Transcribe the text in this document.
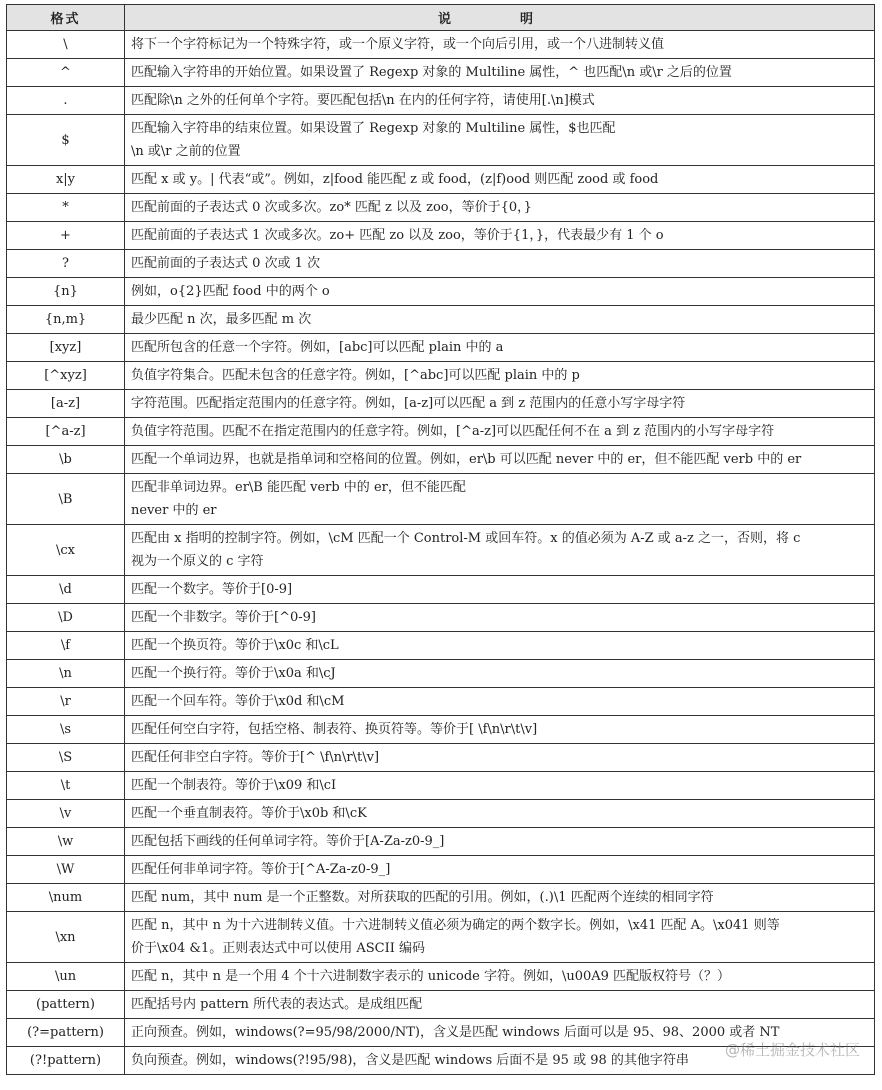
格式	说　明
\	将下一个字符标记为一个特殊字符，或一个原义字符，或一个向后引用，或一个八进制转义值

^	匹配输入字符串的开始位置。如果设置了 Regexp 对象的 Multiline 属性，^ 也匹配\n 或\r 之后的位置

.	匹配除\n 之外的任何单个字符。要匹配包括\n 在内的任何字符，请使用[.\n]模式

$	匹配输入字符串的结束位置。如果设置了 Regexp 对象的 Multiline 属性，$也匹配
\n 或\r 之前的位置

x|y	匹配 x 或 y。| 代表“或”。例如，z|food 能匹配 z 或 food，(z|f)ood 则匹配 zood 或 food

*	匹配前面的子表达式 0 次或多次。zo* 匹配 z 以及 zoo，等价于{0，}

+	匹配前面的子表达式 1 次或多次。zo+ 匹配 zo 以及 zoo，等价于{1，}，代表最少有 1 个 o

?	匹配前面的子表达式 0 次或 1 次

{n}	例如，o{2}匹配 food 中的两个 o

{n,m}	最少匹配 n 次，最多匹配 m 次

[xyz]	匹配所包含的任意一个字符。例如，[abc]可以匹配 plain 中的 a

[^xyz]	负值字符集合。匹配未包含的任意字符。例如，[^abc]可以匹配 plain 中的 p

[a-z]	字符范围。匹配指定范围内的任意字符。例如，[a-z]可以匹配 a 到 z 范围内的任意小写字母字符

[^a-z]	负值字符范围。匹配不在指定范围内的任意字符。例如，[^a-z]可以匹配任何不在 a 到 z 范围内的小写字母字符

\b	匹配一个单词边界，也就是指单词和空格间的位置。例如，er\b 可以匹配 never 中的 er，但不能匹配 verb 中的 er

\B	匹配非单词边界。er\B 能匹配 verb 中的 er，但不能匹配
never 中的 er

\cx	匹配由 x 指明的控制字符。例如，\cM 匹配一个 Control-M 或回车符。x 的值必须为 A-Z 或 a-z 之一，否则，将 c
视为一个原义的 c 字符

\d	匹配一个数字。等价于[0-9]

\D	匹配一个非数字。等价于[^0-9]

\f	匹配一个换页符。等价于\x0c 和\cL

\n	匹配一个换行符。等价于\x0a 和\cJ

\r	匹配一个回车符。等价于\x0d 和\cM

\s	匹配任何空白字符，包括空格、制表符、换页符等。等价于[ \f\n\r\t\v]

\S	匹配任何非空白字符。等价于[^ \f\n\r\t\v]

\t	匹配一个制表符。等价于\x09 和\cI

\v	匹配一个垂直制表符。等价于\x0b 和\cK

\w	匹配包括下画线的任何单词字符。等价于[A-Za-z0-9_]

\W	匹配任何非单词字符。等价于[^A-Za-z0-9_]

\num	匹配 num，其中 num 是一个正整数。对所获取的匹配的引用。例如，(.)\1 匹配两个连续的相同字符

\xn	匹配 n，其中 n 为十六进制转义值。十六进制转义值必须为确定的两个数字长。例如，\x41 匹配 A。\x041 则等
价于\x04 &1。正则表达式中可以使用 ASCII 编码

\un	匹配 n，其中 n 是一个用 4 个十六进制数字表示的 unicode 字符。例如，\u00A9 匹配版权符号（？）

(pattern)	匹配括号内 pattern 所代表的表达式。是成组匹配

(?=pattern)	正向预查。例如，windows(?=95/98/2000/NT)，含义是匹配 windows 后面可以是 95、98、2000 或者 NT

(?!pattern)	负向预查。例如，windows(?!95/98)，含义是匹配 windows 后面不是 95 或 98 的其他字符串
@稀土掘金技术社区
